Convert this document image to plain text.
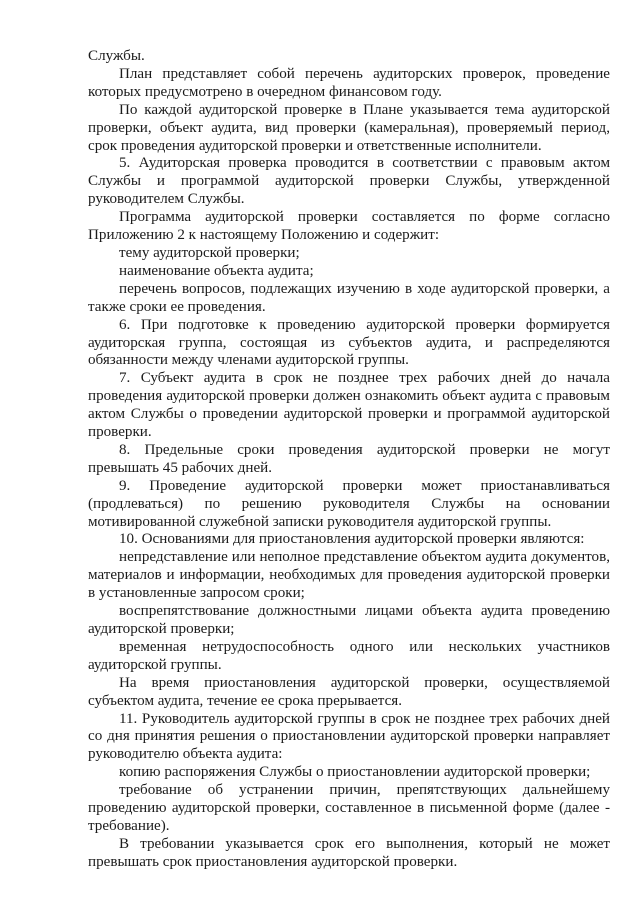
Службы.

План представляет собой перечень аудиторских проверок, проведение которых предусмотрено в очередном финансовом году.

По каждой аудиторской проверке в Плане указывается тема аудиторской проверки, объект аудита, вид проверки (камеральная), проверяемый период, срок проведения аудиторской проверки и ответственные исполнители.

5. Аудиторская проверка проводится в соответствии с правовым актом Службы и программой аудиторской проверки Службы, утвержденной руководителем Службы.

Программа аудиторской проверки составляется по форме согласно Приложению 2 к настоящему Положению и содержит:

тему аудиторской проверки;

наименование объекта аудита;

перечень вопросов, подлежащих изучению в ходе аудиторской проверки, а также сроки ее проведения.

6. При подготовке к проведению аудиторской проверки формируется аудиторская группа, состоящая из субъектов аудита, и распределяются обязанности между членами аудиторской группы.

7. Субъект аудита в срок не позднее трех рабочих дней до начала проведения аудиторской проверки должен ознакомить объект аудита с правовым актом Службы о проведении аудиторской проверки и программой аудиторской проверки.

8. Предельные сроки проведения аудиторской проверки не могут превышать 45 рабочих дней.

9. Проведение аудиторской проверки может приостанавливаться (продлеваться) по решению руководителя Службы на основании мотивированной служебной записки руководителя аудиторской группы.

10. Основаниями для приостановления аудиторской проверки являются:

непредставление или неполное представление объектом аудита документов, материалов и информации, необходимых для проведения аудиторской проверки в установленные запросом сроки;

воспрепятствование должностными лицами объекта аудита проведению аудиторской проверки;

временная нетрудоспособность одного или нескольких участников аудиторской группы.

На время приостановления аудиторской проверки, осуществляемой субъектом аудита, течение ее срока прерывается.

11. Руководитель аудиторской группы в срок не позднее трех рабочих дней со дня принятия решения о приостановлении аудиторской проверки направляет руководителю объекта аудита:

копию распоряжения Службы о приостановлении аудиторской проверки;

требование об устранении причин, препятствующих дальнейшему проведению аудиторской проверки, составленное в письменной форме (далее - требование).

В требовании указывается срок его выполнения, который не может превышать срок приостановления аудиторской проверки.
